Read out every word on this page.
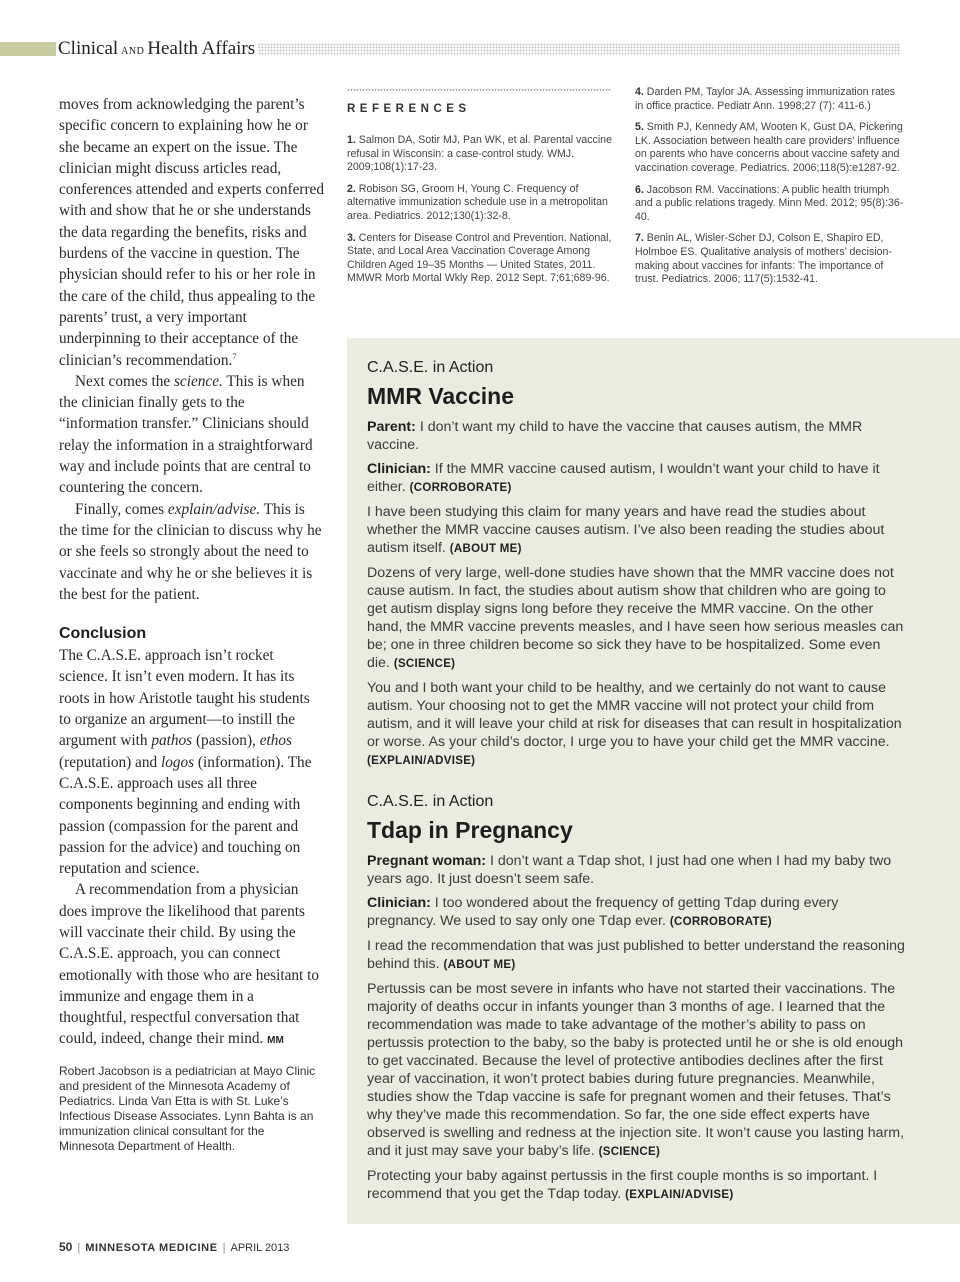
Clinical AND Health Affairs

moves from acknowledging the parent’s specific concern to explaining how he or she became an expert on the issue. The clinician might discuss articles read, conferences attended and experts conferred with and show that he or she understands the data regarding the benefits, risks and burdens of the vaccine in question. The physician should refer to his or her role in the care of the child, thus appealing to the parents’ trust, a very important underpinning to their acceptance of the clinician’s recommendation.$^7$

Next comes the science. This is when the clinician finally gets to the “information transfer.” Clinicians should relay the information in a straightforward way and include points that are central to countering the concern.

Finally, comes explain/advise. This is the time for the clinician to discuss why he or she feels so strongly about the need to vaccinate and why he or she believes it is the best for the patient.

Conclusion

The C.A.S.E. approach isn’t rocket science. It isn’t even modern. It has its roots in how Aristotle taught his students to organize an argument—to instill the argument with pathos (passion), ethos (reputation) and logos (information). The C.A.S.E. approach uses all three components beginning and ending with passion (compassion for the parent and passion for the advice) and touching on reputation and science.

A recommendation from a physician does improve the likelihood that parents will vaccinate their child. By using the C.A.S.E. approach, you can connect emotionally with those who are hesitant to immunize and engage them in a thoughtful, respectful conversation that could, indeed, change their mind. MM

Robert Jacobson is a pediatrician at Mayo Clinic and president of the Minnesota Academy of Pediatrics. Linda Van Etta is with St. Luke’s Infectious Disease Associates. Lynn Bahta is an immunization clinical consultant for the Minnesota Department of Health.
REFERENCES

1. Salmon DA, Sotir MJ, Pan WK, et al. Parental vaccine refusal in Wisconsin: a case-control study. WMJ. 2009;108(1):17-23.

2. Robison SG, Groom H, Young C. Frequency of alternative immunization schedule use in a metropolitan area. Pediatrics. 2012;130(1):32-8.

3. Centers for Disease Control and Prevention. National, State, and Local Area Vaccination Coverage Among Children Aged 19–35 Months — United States, 2011. MMWR Morb Mortal Wkly Rep. 2012 Sept. 7;61;689-96.

4. Darden PM, Taylor JA. Assessing immunization rates in office practice. Pediatr Ann. 1998;27 (7): 411-6.)

5. Smith PJ, Kennedy AM, Wooten K, Gust DA, Pickering LK. Association between health care providers’ influence on parents who have concerns about vaccine safety and vaccination coverage. Pediatrics. 2006;118(5):e1287-92.

6. Jacobson RM. Vaccinations: A public health triumph and a public relations tragedy. Minn Med. 2012; 95(8):36-40.

7. Benin AL, Wisler-Scher DJ, Colson E, Shapiro ED, Holmboe ES. Qualitative analysis of mothers’ decision-making about vaccines for infants: The importance of trust. Pediatrics. 2006; 117(5):1532-41.

C.A.S.E. in Action
MMR Vaccine

Parent: I don’t want my child to have the vaccine that causes autism, the MMR vaccine.

Clinician: If the MMR vaccine caused autism, I wouldn’t want your child to have it either. (CORROBORATE)

I have been studying this claim for many years and have read the studies about whether the MMR vaccine causes autism. I’ve also been reading the studies about autism itself. (ABOUT ME)

Dozens of very large, well-done studies have shown that the MMR vaccine does not cause autism. In fact, the studies about autism show that children who are going to get autism display signs long before they receive the MMR vaccine. On the other hand, the MMR vaccine prevents measles, and I have seen how serious measles can be; one in three children become so sick they have to be hospitalized. Some even die. (SCIENCE)

You and I both want your child to be healthy, and we certainly do not want to cause autism. Your choosing not to get the MMR vaccine will not protect your child from autism, and it will leave your child at risk for diseases that can result in hospitalization or worse. As your child’s doctor, I urge you to have your child get the MMR vaccine. (EXPLAIN/ADVISE)

C.A.S.E. in Action
Tdap in Pregnancy

Pregnant woman: I don’t want a Tdap shot, I just had one when I had my baby two years ago. It just doesn’t seem safe.

Clinician: I too wondered about the frequency of getting Tdap during every pregnancy. We used to say only one Tdap ever. (CORROBORATE)

I read the recommendation that was just published to better understand the reasoning behind this. (ABOUT ME)

Pertussis can be most severe in infants who have not started their vaccinations. The majority of deaths occur in infants younger than 3 months of age. I learned that the recommendation was made to take advantage of the mother’s ability to pass on pertussis protection to the baby, so the baby is protected until he or she is old enough to get vaccinated. Because the level of protective antibodies declines after the first year of vaccination, it won’t protect babies during future pregnancies. Meanwhile, studies show the Tdap vaccine is safe for pregnant women and their fetuses. That’s why they’ve made this recommendation. So far, the one side effect experts have observed is swelling and redness at the injection site. It won’t cause you lasting harm, and it just may save your baby’s life. (SCIENCE)

Protecting your baby against pertussis in the first couple months is so important. I recommend that you get the Tdap today. (EXPLAIN/ADVISE)

50 | MINNESOTA MEDICINE | APRIL 2013
